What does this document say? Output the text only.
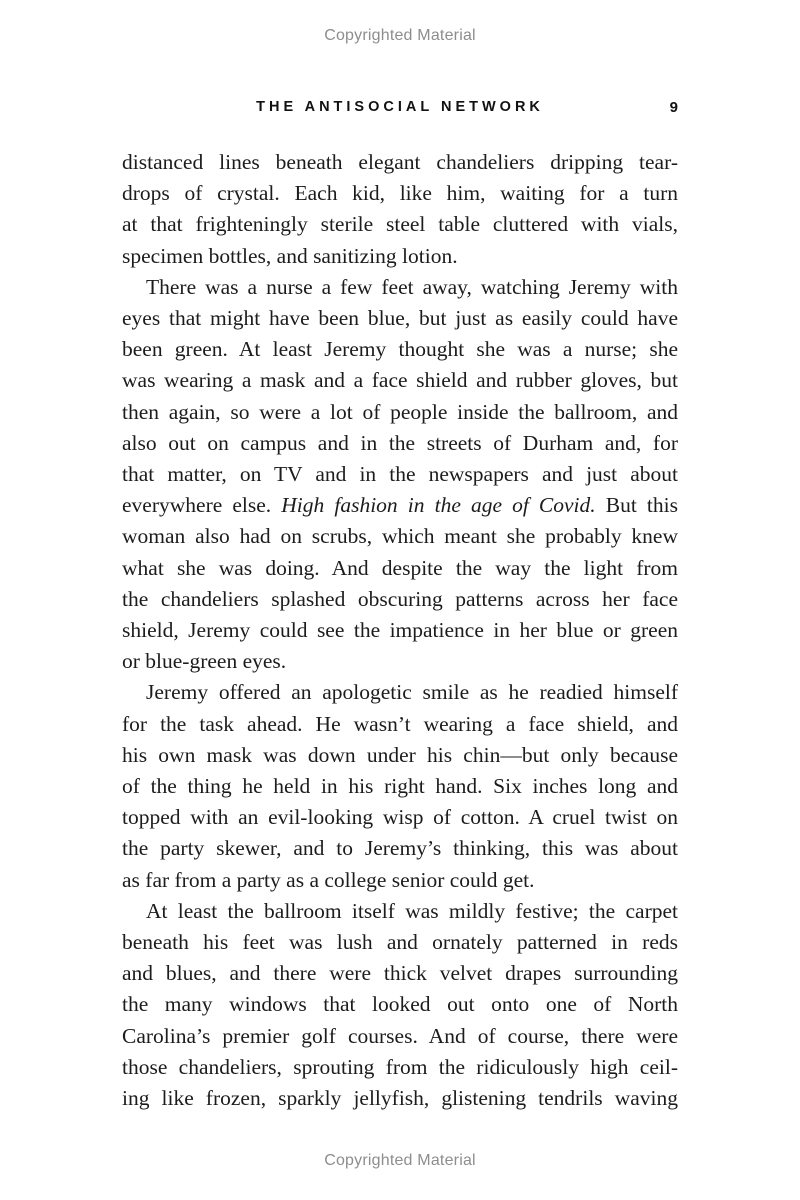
Copyrighted Material
THE ANTISOCIAL NETWORK	9
distanced lines beneath elegant chandeliers dripping tear-
drops of crystal. Each kid, like him, waiting for a turn
at that frighteningly sterile steel table cluttered with vials,
specimen bottles, and sanitizing lotion.
There was a nurse a few feet away, watching Jeremy with
eyes that might have been blue, but just as easily could have
been green. At least Jeremy thought she was a nurse; she
was wearing a mask and a face shield and rubber gloves, but
then again, so were a lot of people inside the ballroom, and
also out on campus and in the streets of Durham and, for
that matter, on TV and in the newspapers and just about
everywhere else. High fashion in the age of Covid. But this
woman also had on scrubs, which meant she probably knew
what she was doing. And despite the way the light from
the chandeliers splashed obscuring patterns across her face
shield, Jeremy could see the impatience in her blue or green
or blue-green eyes.
Jeremy offered an apologetic smile as he readied himself
for the task ahead. He wasn’t wearing a face shield, and
his own mask was down under his chin—but only because
of the thing he held in his right hand. Six inches long and
topped with an evil-looking wisp of cotton. A cruel twist on
the party skewer, and to Jeremy’s thinking, this was about
as far from a party as a college senior could get.
At least the ballroom itself was mildly festive; the carpet
beneath his feet was lush and ornately patterned in reds
and blues, and there were thick velvet drapes surrounding
the many windows that looked out onto one of North
Carolina’s premier golf courses. And of course, there were
those chandeliers, sprouting from the ridiculously high ceil-
ing like frozen, sparkly jellyfish, glistening tendrils waving
Copyrighted Material
